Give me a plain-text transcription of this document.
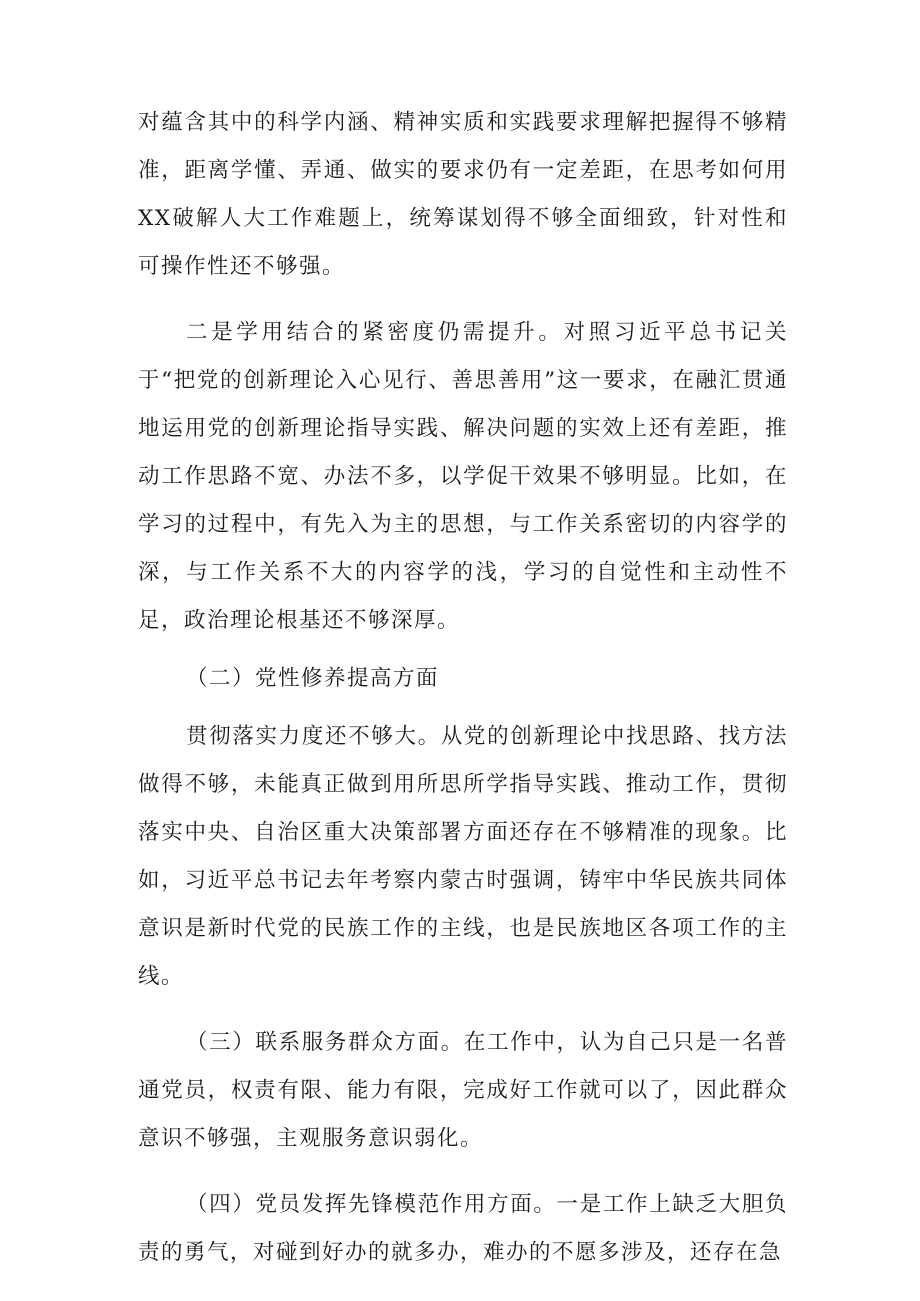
对蕴含其中的科学内涵、精神实质和实践要求理解把握得不够精准，距离学懂、弄通、做实的要求仍有一定差距，在思考如何用XX破解人大工作难题上，统筹谋划得不够全面细致，针对性和可操作性还不够强。

二是学用结合的紧密度仍需提升。对照习近平总书记关于“把党的创新理论入心见行、善思善用”这一要求，在融汇贯通地运用党的创新理论指导实践、解决问题的实效上还有差距，推动工作思路不宽、办法不多，以学促干效果不够明显。比如，在学习的过程中，有先入为主的思想，与工作关系密切的内容学的深，与工作关系不大的内容学的浅，学习的自觉性和主动性不足，政治理论根基还不够深厚。

（二）党性修养提高方面

贯彻落实力度还不够大。从党的创新理论中找思路、找方法做得不够，未能真正做到用所思所学指导实践、推动工作，贯彻落实中央、自治区重大决策部署方面还存在不够精准的现象。比如，习近平总书记去年考察内蒙古时强调，铸牢中华民族共同体意识是新时代党的民族工作的主线，也是民族地区各项工作的主线。

（三）联系服务群众方面。在工作中，认为自己只是一名普通党员，权责有限、能力有限，完成好工作就可以了，因此群众意识不够强，主观服务意识弱化。

（四）党员发挥先锋模范作用方面。一是工作上缺乏大胆负责的勇气，对碰到好办的就多办，难办的不愿多涉及，还存在急
